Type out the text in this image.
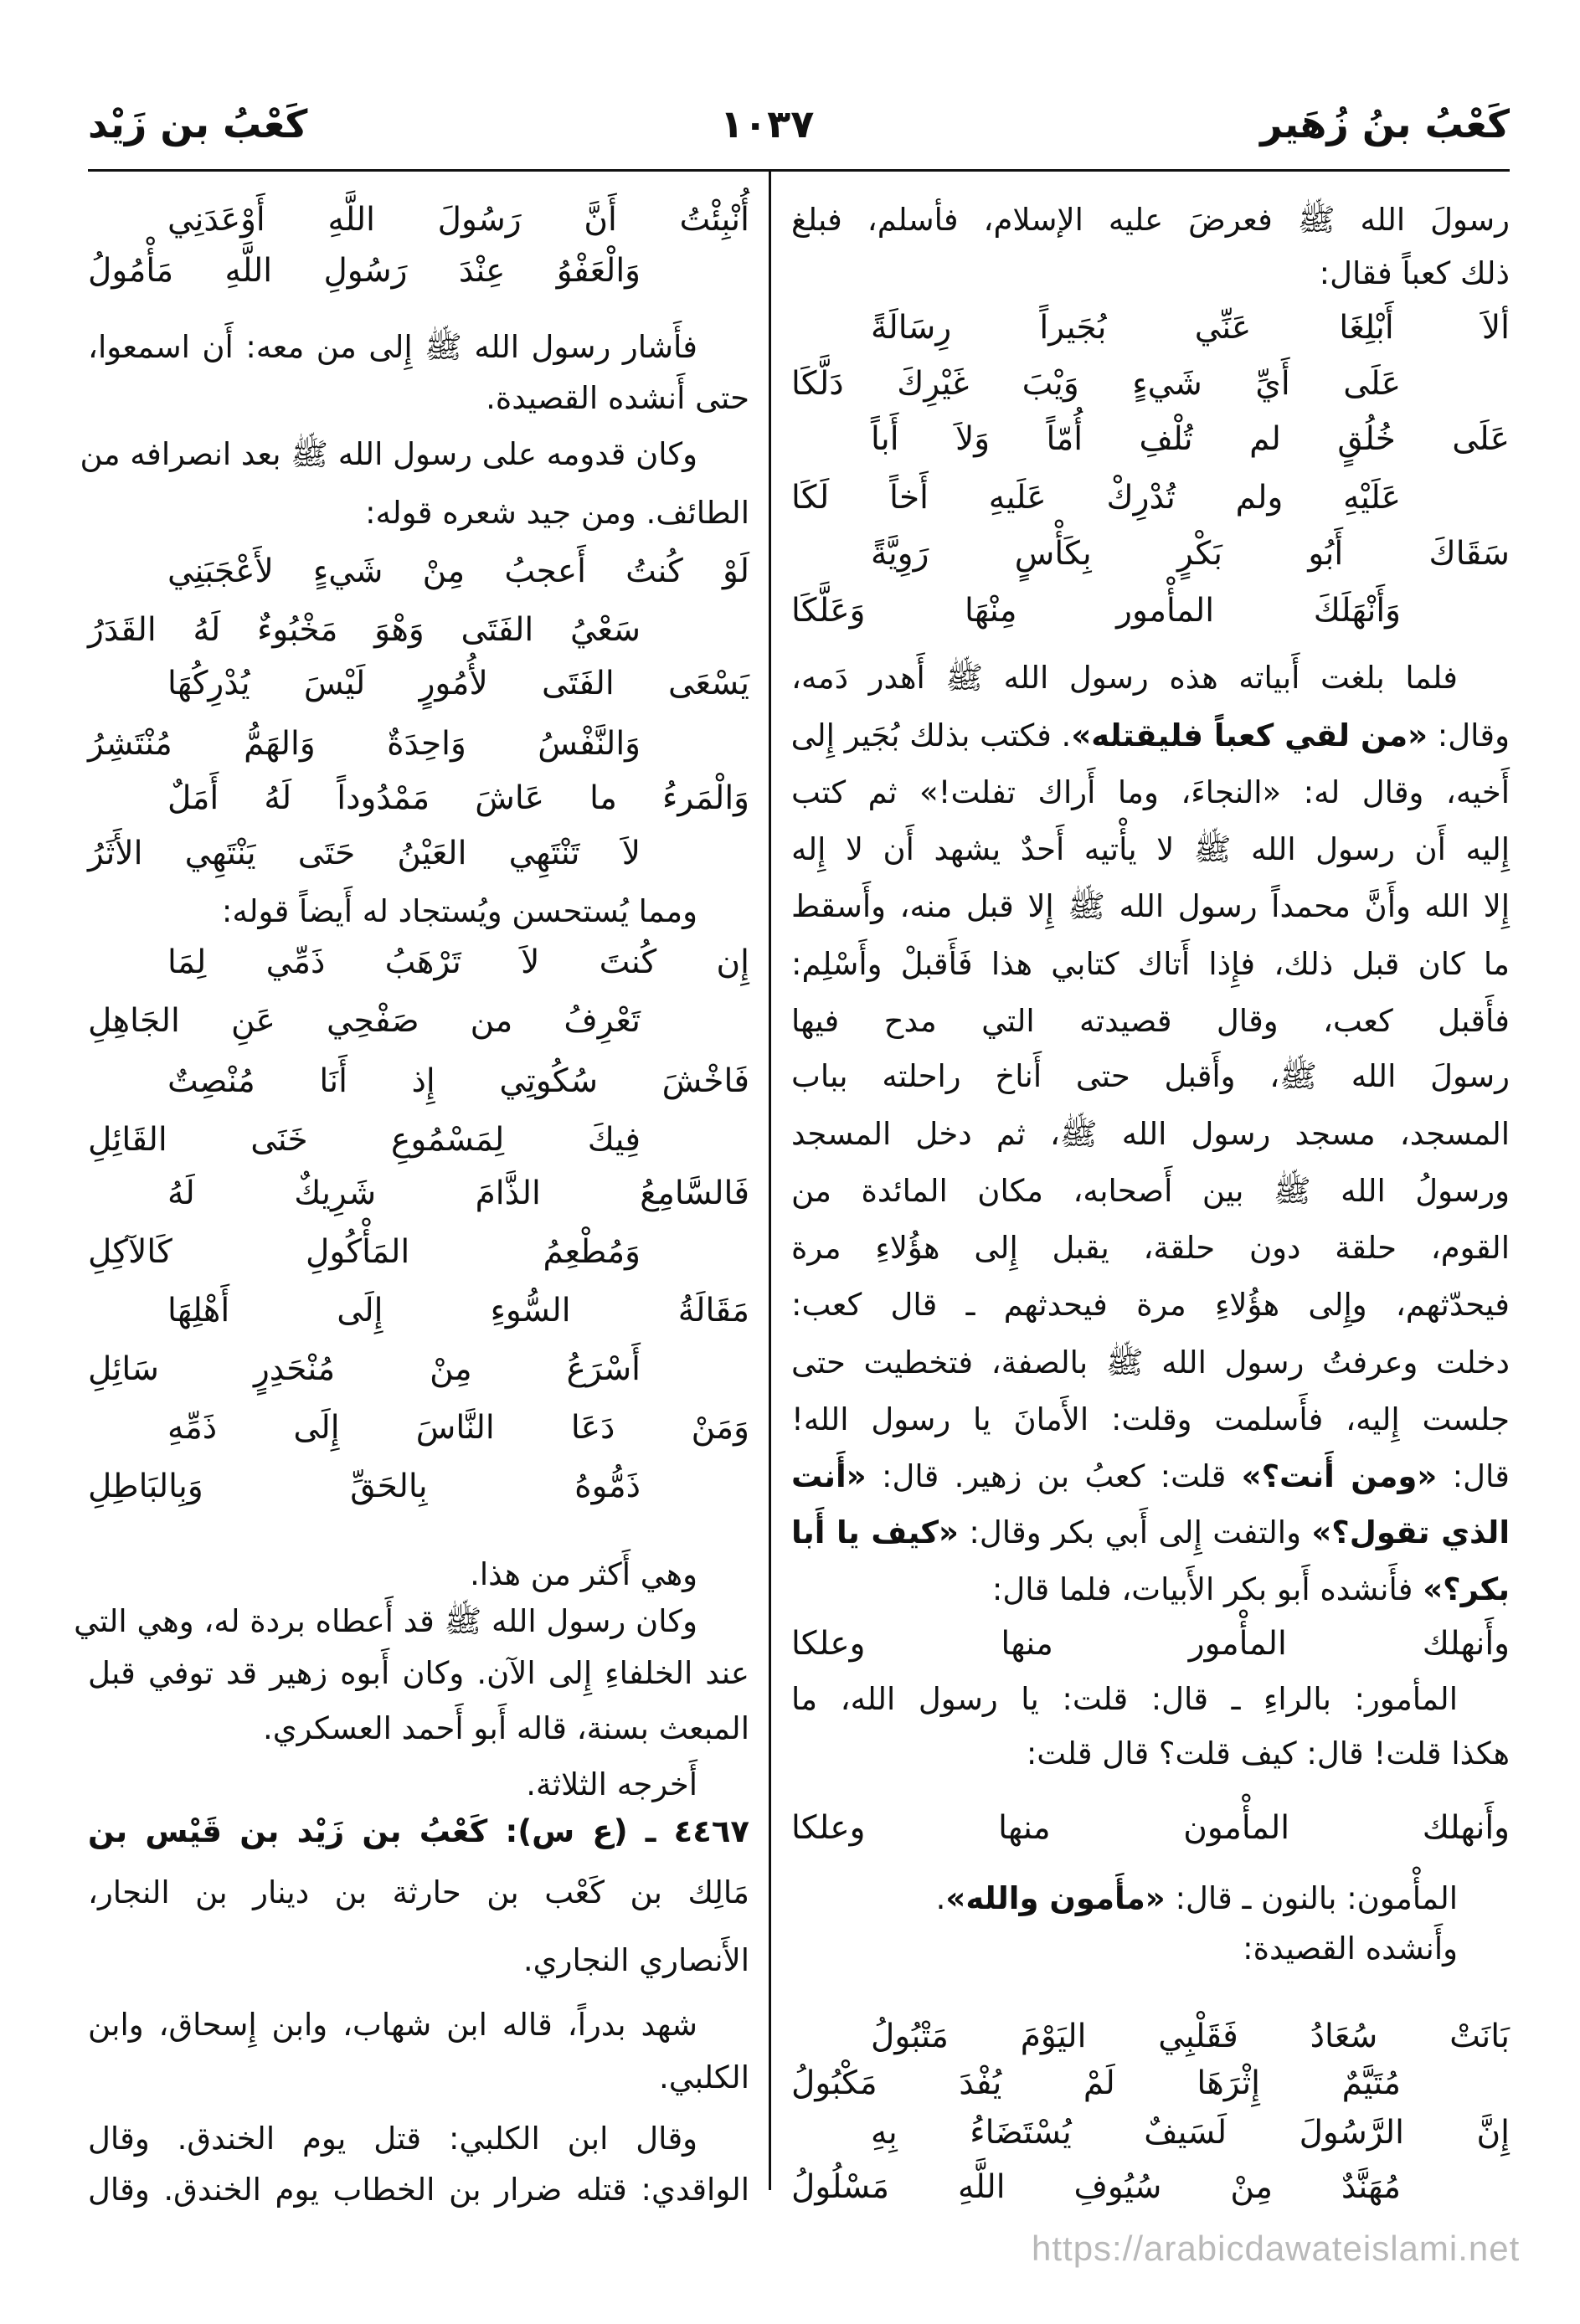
كَعْبُ بنُ زُهَير
١٠٣٧
كَعْبُ بن زَيْد
رسولَ الله ﷺ فعرضَ عليه الإسلام، فأسلم، فبلغ
ذلك كعباً فقال:
ألاَ أَبْلِغَا عَنِّي بُجَيراً رِسَالَةً
عَلَى أَيِّ شَيءٍ وَيْبَ غَيْرِكَ دَلَّكَا
عَلَى خُلُقٍ لم تُلْفِ أُمّاً وَلاَ أَباً
عَلَيْهِ ولم تُدْرِكْ عَلَيهِ أَخاً لَكَا
سَقَاكَ أَبُو بَكْرٍ بِكَأْسٍ رَوِيَّةً
وَأَنْهَلَكَ المأْمور مِنْهَا وَعَلَّكَا
فلما بلغت أَبياته هذه رسول الله ﷺ أَهدر دَمه،
وقال: «من لقي كعباً فليقتله». فكتب بذلك بُجَير إِلى
أَخيه، وقال له: «النجاءَ، وما أَراك تفلت!» ثم كتب
إِليه أَن رسول الله ﷺ لا يأْتيه أَحدٌ يشهد أَن لا إِله
إِلا الله وأَنَّ محمداً رسول الله ﷺ إِلا قبل منه، وأَسقط
ما كان قبل ذلك، فإِذا أَتاك كتابي هذا فَأَقبلْ وأَسْلِم:
فأَقبل كعب، وقال قصيدته التي مدح فيها
رسولَ الله ﷺ، وأَقبل حتى أَناخ راحلته بباب
المسجد، مسجد رسول الله ﷺ، ثم دخل المسجد
ورسولُ الله ﷺ بين أَصحابه، مكان المائدة من
القوم، حلقة دون حلقة، يقبل إِلى هؤُلاءِ مرة
فيحدّثهم، وإِلى هؤُلاءِ مرة فيحدثهم ـ قال كعب:
دخلت وعرفتُ رسول الله ﷺ بالصفة، فتخطيت حتى
جلست إِليه، فأَسلمت وقلت: الأَمانَ يا رسول الله!
قال: «ومن أَنت؟» قلت: كعبُ بن زهير. قال: «أَنت
الذي تقول؟» والتفت إِلى أَبي بكر وقال: «كيف يا أَبا
بكر؟» فأَنشده أَبو بكر الأَبيات، فلما قال:
وأَنهلك المأْمور منها وعلكا
المأمور: بالراءِ ـ قال: قلت: يا رسول الله، ما
هكذا قلت! قال: كيف قلت؟ قال قلت:
وأَنهلك المأْمون منها وعلكا
المأْمون: بالنون ـ قال: «مأَمون والله».
وأَنشده القصيدة:
بَانَتْ سُعَادُ فَقَلْبِي اليَوْمَ مَتْبُولُ
مُتَيَّمٌ إِثْرَهَا لَمْ يُفْدَ مَكْبُولُ
إِنَّ الرَّسُولَ لَسَيفٌ يُسْتَضَاءُ بِهِ
مُهَنَّدٌ مِنْ سُيُوفِ اللَّهِ مَسْلُولُ
أُنْبِئْتُ أَنَّ رَسُولَ اللَّهِ أَوْعَدَنِي
وَالْعَفْوُ عِنْدَ رَسُولِ اللَّهِ مَأْمُولُ
فأَشار رسول الله ﷺ إِلى من معه: أَن اسمعوا،
حتى أَنشده القصيدة.
وكان قدومه على رسول الله ﷺ بعد انصرافه من
الطائف. ومن جيد شعره قوله:
لَوْ كُنتُ أَعجبُ مِنْ شَيءٍ لأَعْجَبَنِي
سَعْيُ الفَتَى وَهْوَ مَخْبُوءٌ لَهُ القَدَرُ
يَسْعَى الفَتَى لأُمُورٍ لَيْسَ يُدْرِكُهَا
وَالنَّفْسُ وَاحِدَةٌ وَالهَمُّ مُنْتَشِرُ
وَالْمَرءُ ما عَاشَ مَمْدُوداً لَهُ أَمَلٌ
لاَ تَنْتَهِي العَيْنُ حَتَى يَنْتَهِي الأَثَرُ
ومما يُستحسن ويُستجاد له أَيضاً قوله:
إِن كُنتَ لاَ تَرْهَبُ ذَمِّي لِمَا
تَعْرِفُ من صَفْحِي عَنِ الجَاهِلِ
فَاخْشَ سُكُوتِي إِذ أَنَا مُنْصِتٌ
فِيكَ لِمَسْمُوعِ خَنَى القَائِلِ
فَالسَّامِعُ الذَّامَ شَرِيكٌ لَهُ
وَمُطْعِمُ المَأْكُولِ كَالآكِلِ
مَقَالَةُ السُّوءِ إِلَى أَهْلِهَا
أَسْرَعُ مِنْ مُنْحَدِرٍ سَائِلِ
وَمَنْ دَعَا النَّاسَ إِلَى ذَمِّهِ
ذَمُّوهُ بِالحَقِّ وَبِالبَاطِلِ
وهي أَكثر من هذا.
وكان رسول الله ﷺ قد أَعطاه بردة له، وهي التي
عند الخلفاءِ إِلى الآن. وكان أَبوه زهير قد توفي قبل
المبعث بسنة، قاله أَبو أَحمد العسكري.
أَخرجه الثلاثة.
٤٤٦٧ ـ (ع س): كَعْبُ بن زَيْد بن قَيْس بن
مَالِك بن كَعْب بن حارثة بن دينار بن النجار،
الأَنصاري النجاري.
شهد بدراً، قاله ابن شهاب، وابن إِسحاق، وابن
الكلبي.
وقال ابن الكلبي: قتل يوم الخندق. وقال
الواقدي: قتله ضرار بن الخطاب يوم الخندق. وقال
https://arabicdawateislami.net
